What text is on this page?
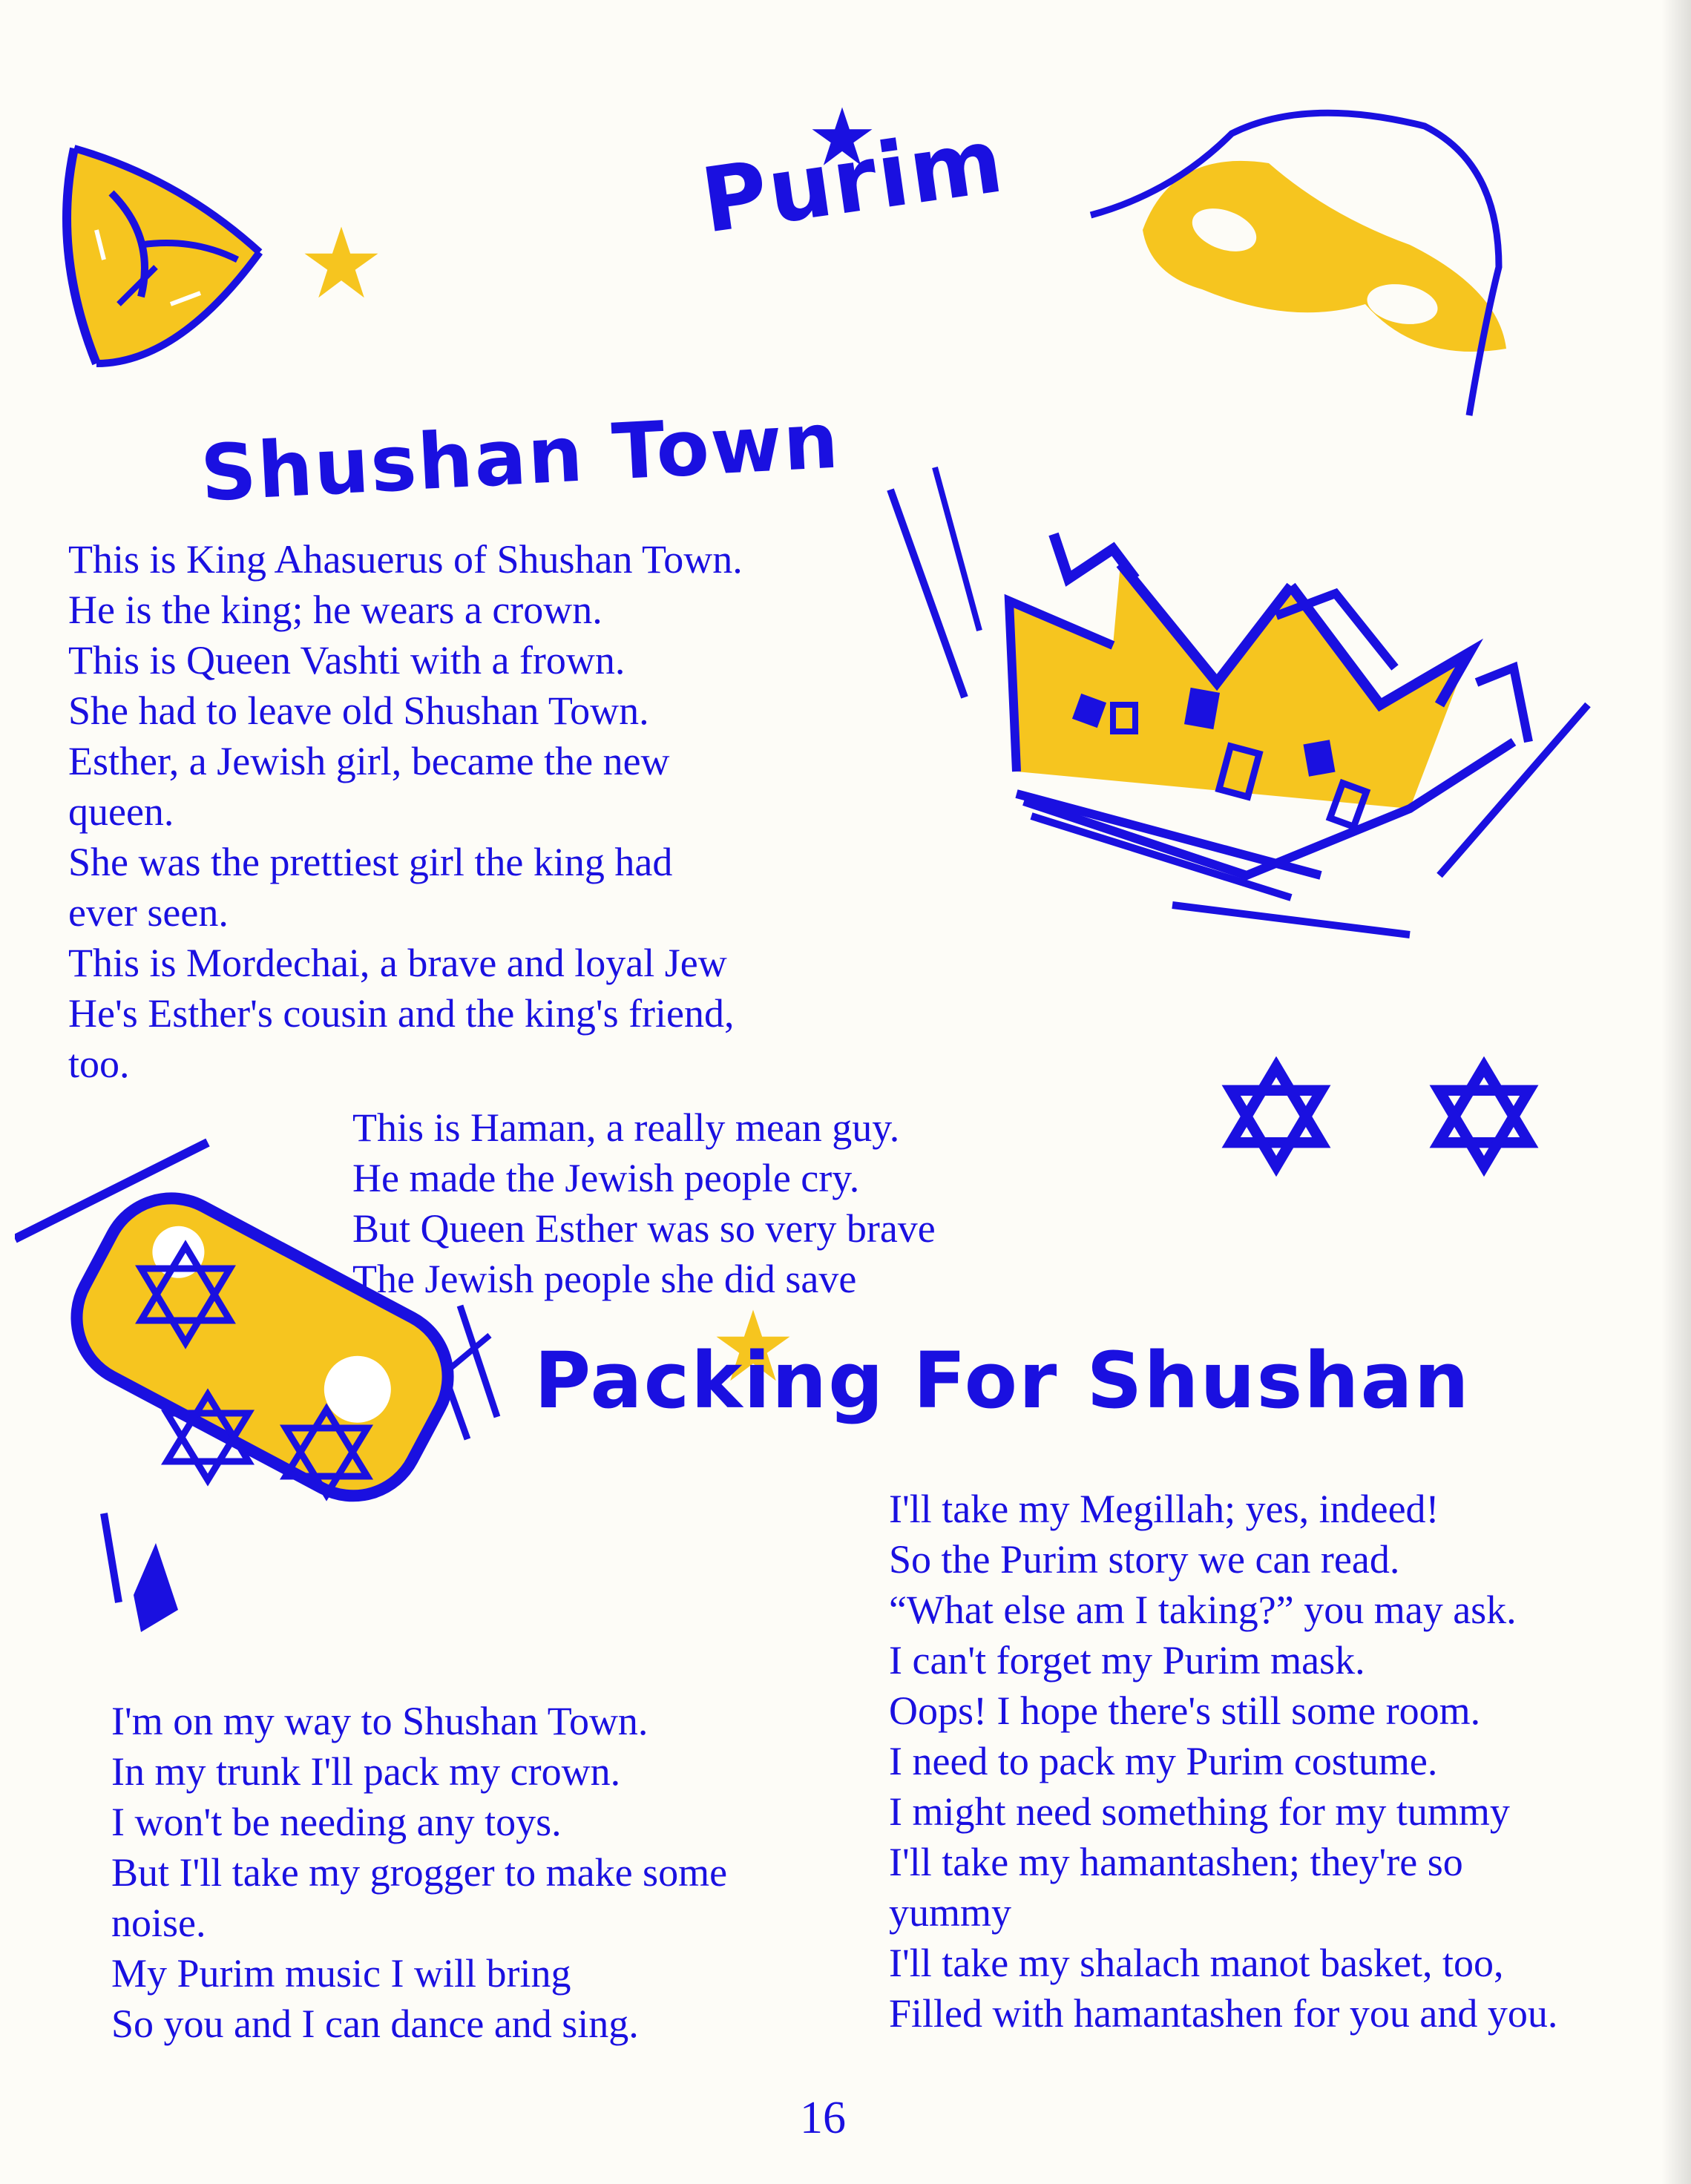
Purim
Shushan Town
This is King Ahasuerus of Shushan Town.
He is the king; he wears a crown.
This is Queen Vashti with a frown.
She had to leave old Shushan Town.
Esther, a Jewish girl, became the new
queen.
She was the prettiest girl the king had
ever seen.
This is Mordechai, a brave and loyal Jew
He's Esther's cousin and the king's friend,
too.
This is Haman, a really mean guy.
He made the Jewish people cry.
But Queen Esther was so very brave
The Jewish people she did save
Packing For Shushan
I'm on my way to Shushan Town.
In my trunk I'll pack my crown.
I won't be needing any toys.
But I'll take my grogger to make some
noise.
My Purim music I will bring
So you and I can dance and sing.
I'll take my Megillah; yes, indeed!
So the Purim story we can read.
“What else am I taking?” you may ask.
I can't forget my Purim mask.
Oops! I hope there's still some room.
I need to pack my Purim costume.
I might need something for my tummy
I'll take my hamantashen; they're so
yummy
I'll take my shalach manot basket, too,
Filled with hamantashen for you and you.
16
